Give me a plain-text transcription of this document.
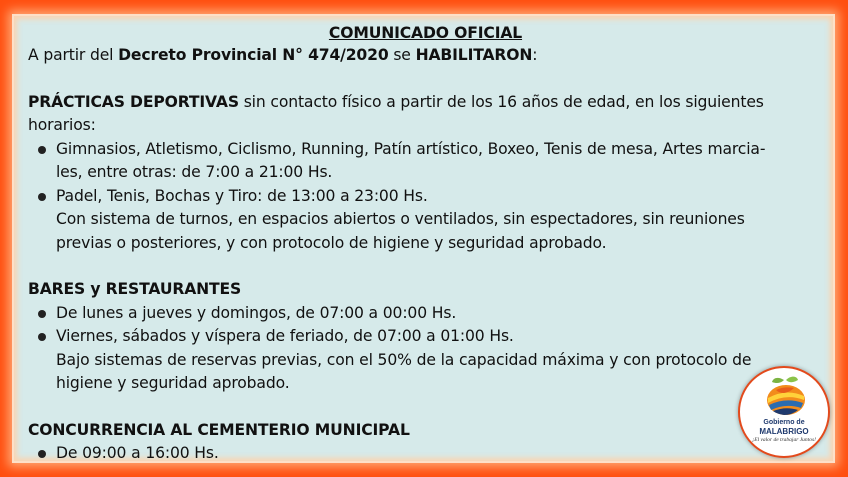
COMUNICADO OFICIAL

A partir del Decreto Provincial N° 474/2020 se HABILITARON:

PRÁCTICAS DEPORTIVAS sin contacto físico a partir de los 16 años de edad, en los siguientes

horarios:

Gimnasios, Atletismo, Ciclismo, Running, Patín artístico, Boxeo, Tenis de mesa, Artes marcia-
les, entre otras: de 7:00 a 21:00 Hs.
Padel, Tenis, Bochas y Tiro: de 13:00 a 23:00 Hs.
Con sistema de turnos, en espacios abiertos o ventilados, sin espectadores, sin reuniones
previas o posteriores, y con protocolo de higiene y seguridad aprobado.

BARES y RESTAURANTES

De lunes a jueves y domingos, de 07:00 a 00:00 Hs.
Viernes, sábados y víspera de feriado, de 07:00 a 01:00 Hs.
Bajo sistemas de reservas previas, con el 50% de la capacidad máxima y con protocolo de
higiene y seguridad aprobado.

CONCURRENCIA AL CEMENTERIO MUNICIPAL

De 09:00 a 16:00 Hs.
Gobierno de
MALABRIGO
¡El valor de trabajar Juntos!
